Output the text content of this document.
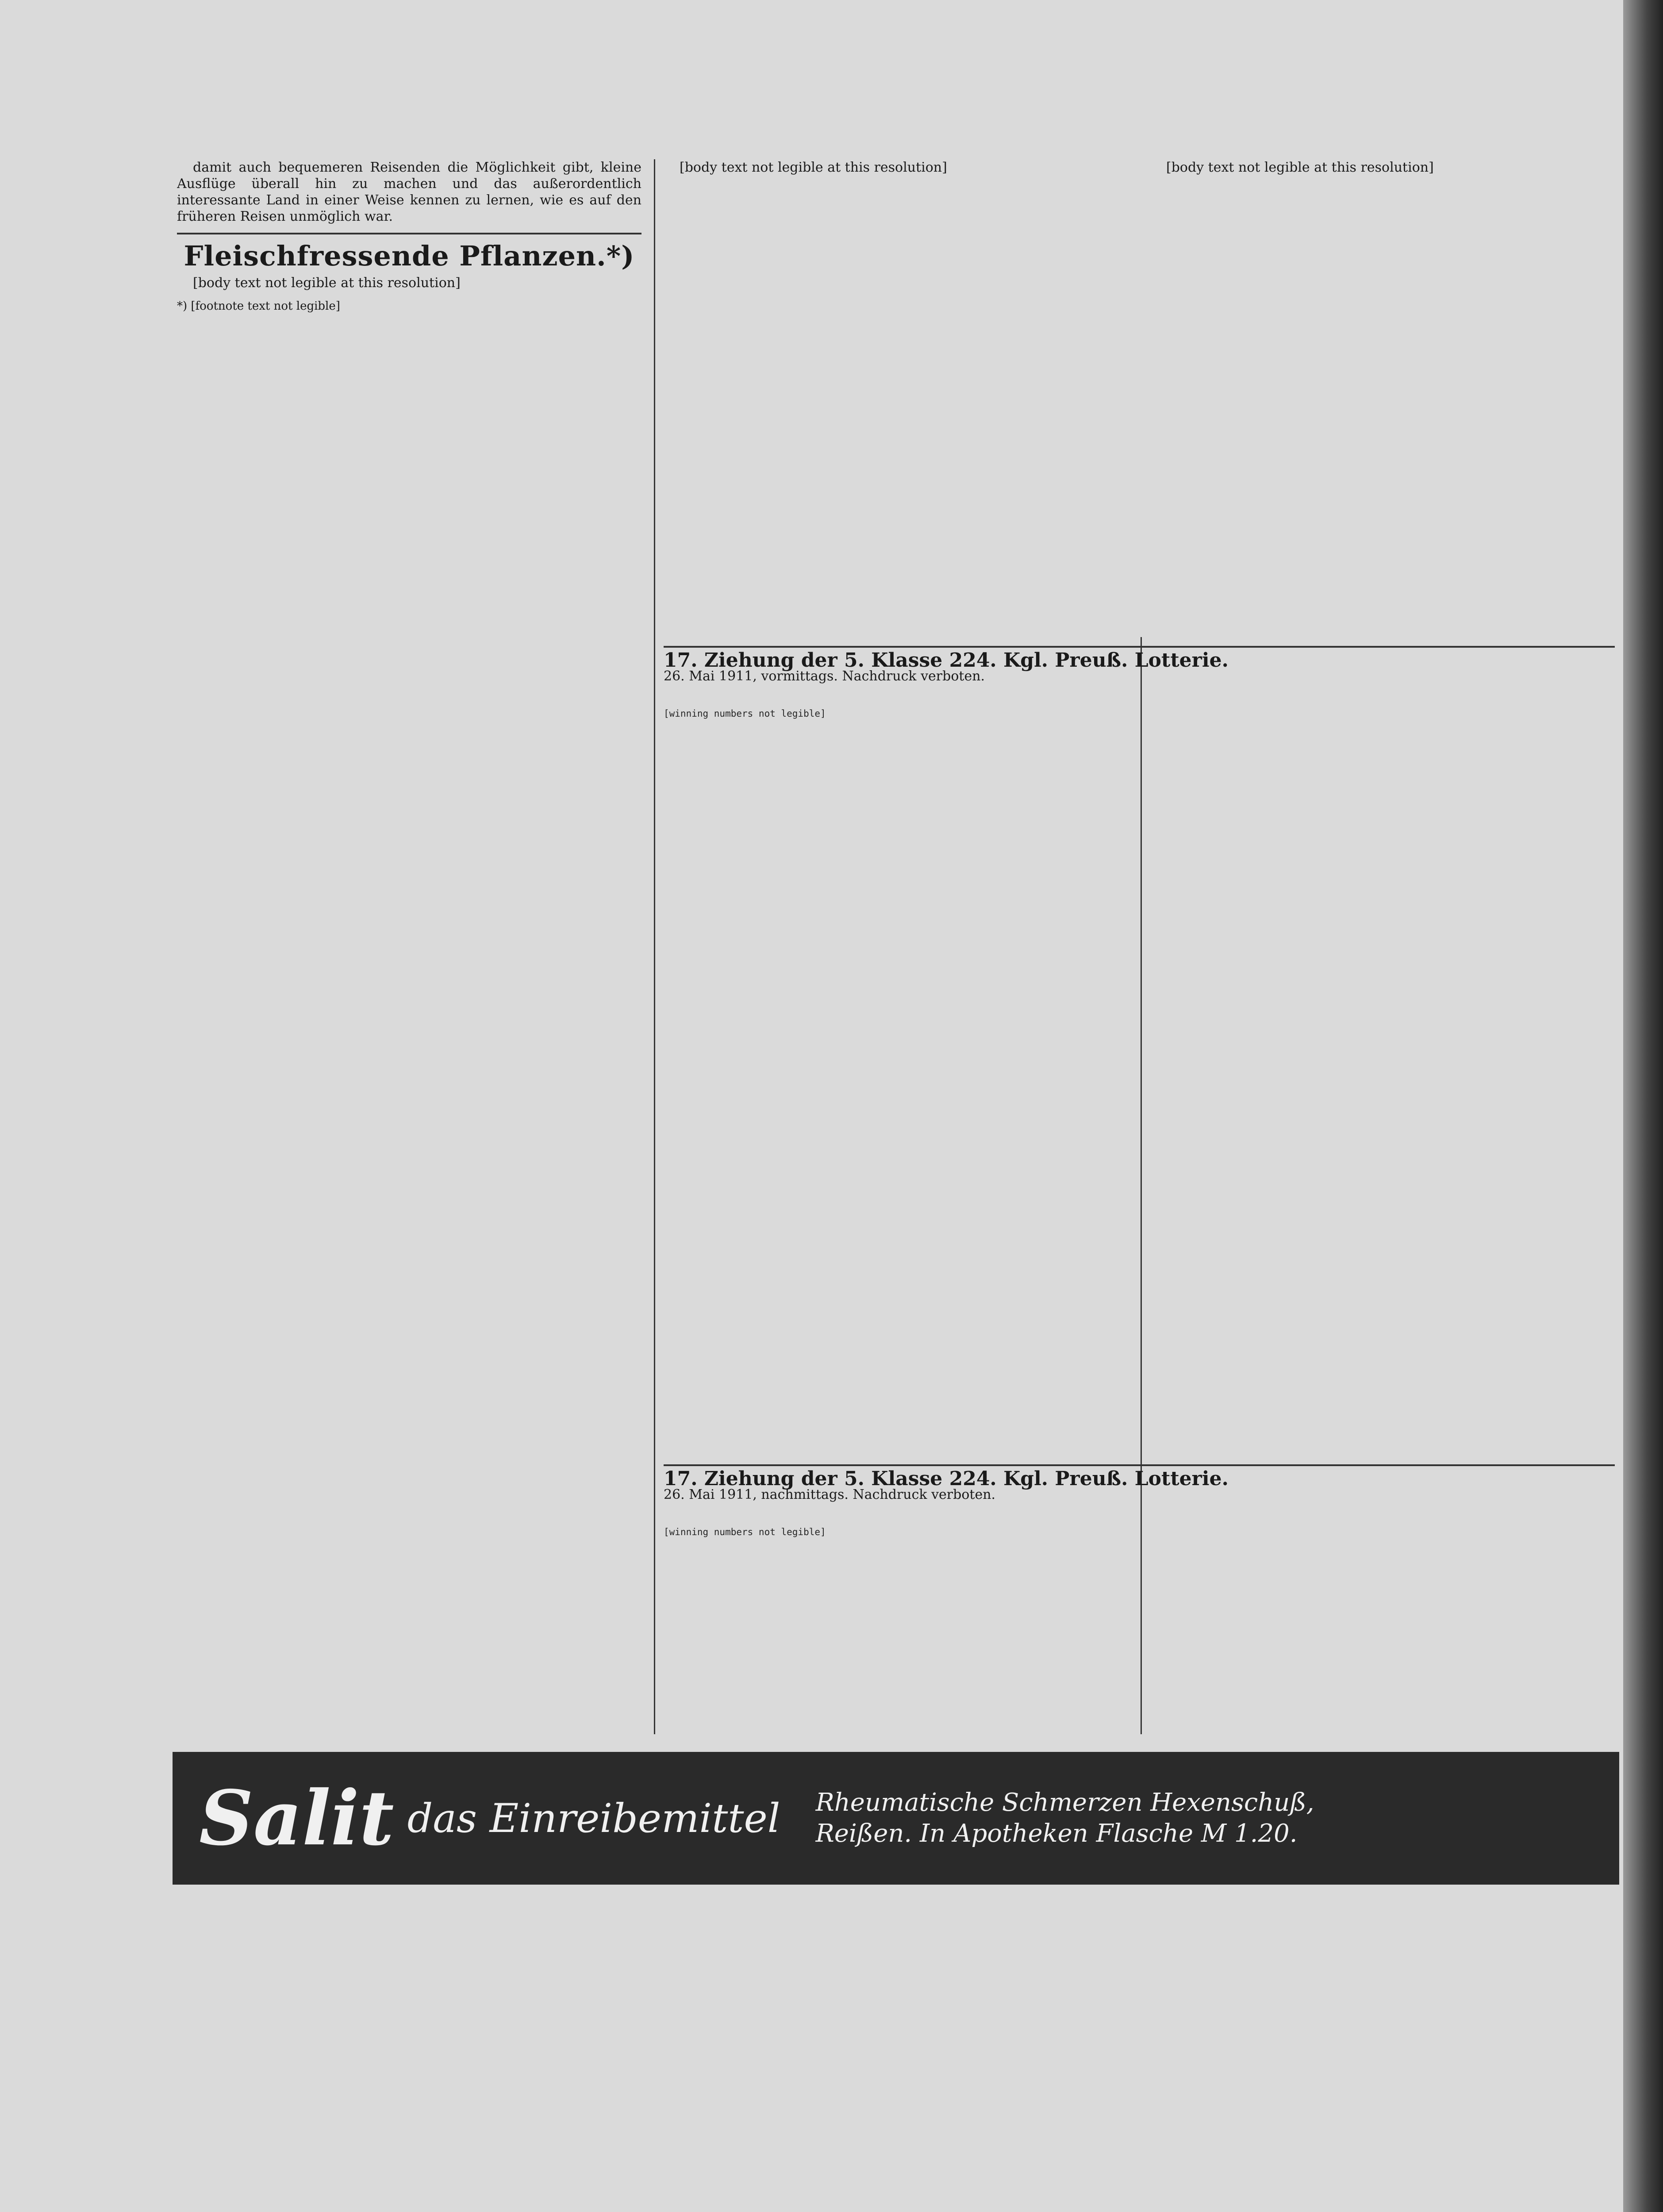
damit auch bequemeren Reisenden die Möglichkeit gibt, kleine Ausflüge überall hin zu machen und das außerordentlich interessante Land in einer Weise kennen zu lernen, wie es auf den früheren Reisen unmöglich war.

Fleischfressende Pflanzen.*)

[body text not legible at this resolution]

*) [footnote text not legible]

[body text not legible at this resolution]	[body text not legible at this resolution]

17. Ziehung der 5. Klasse 224. Kgl. Preuß. Lotterie.
26. Mai 1911, vormittags. Nachdruck verboten.
[winning numbers not legible]
17. Ziehung der 5. Klasse 224. Kgl. Preuß. Lotterie.
26. Mai 1911, nachmittags. Nachdruck verboten.
[winning numbers not legible]
Salit das Einreibemittel Rheumatische Schmerzen Hexenschuß,
Reißen. In Apotheken Flasche M 1.20.
